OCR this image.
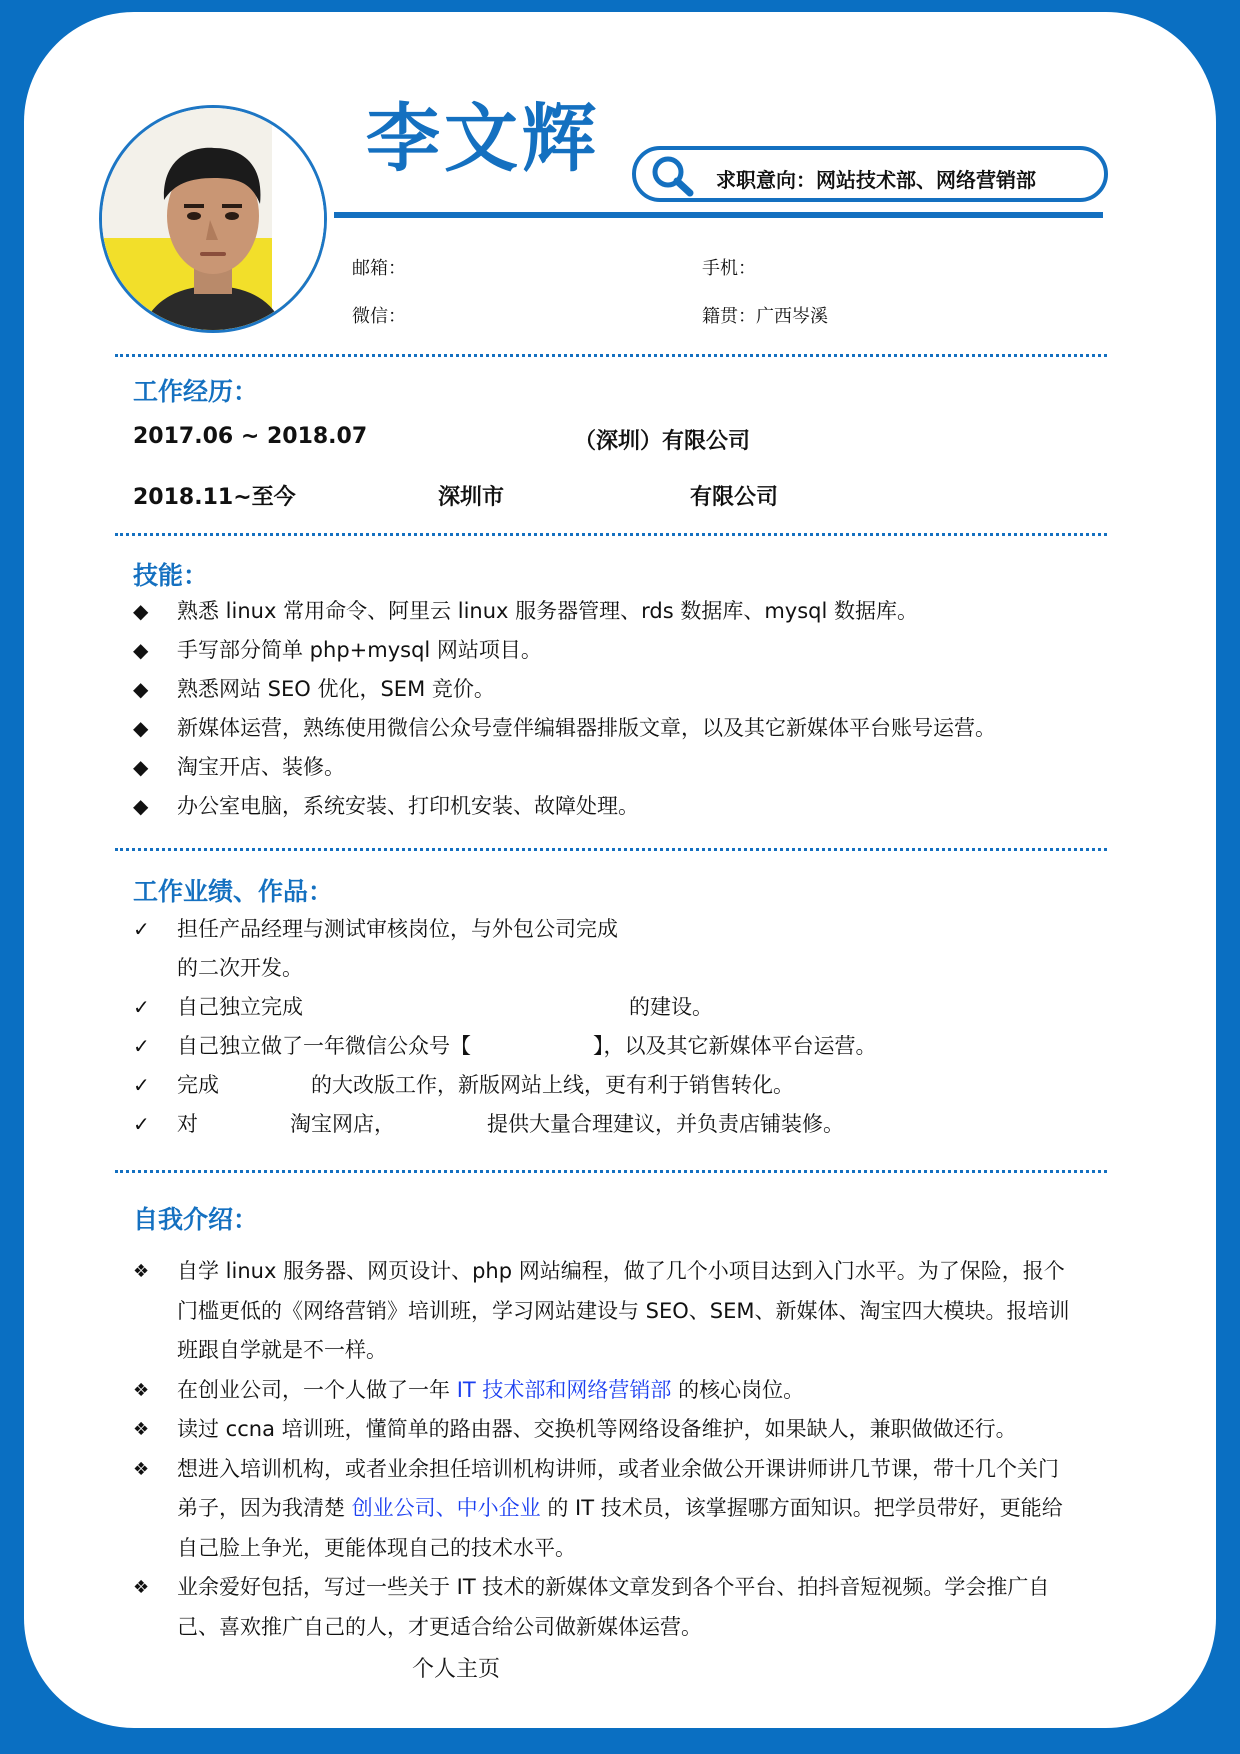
李文辉	求职意向：网站技术部、网络营销部
邮箱：	手机：
微信：	籍贯：广西岑溪
工作经历：
2017.06 ~ 2018.07	（深圳）有限公司
2018.11~至今	深圳市	有限公司
技能：
◆ 熟悉 linux 常用命令、阿里云 linux 服务器管理、rds 数据库、mysql 数据库。
◆ 手写部分简单 php+mysql 网站项目。
◆ 熟悉网站 SEO 优化，SEM 竞价。
◆ 新媒体运营，熟练使用微信公众号壹伴编辑器排版文章，以及其它新媒体平台账号运营。
◆ 淘宝开店、装修。
◆ 办公室电脑，系统安装、打印机安装、故障处理。
工作业绩、作品：
✓ 担任产品经理与测试审核岗位，与外包公司完成
的二次开发。
✓ 自己独立完成	的建设。
✓ 自己独立做了一年微信公众号【	】，以及其它新媒体平台运营。
✓ 完成	的大改版工作，新版网站上线，更有利于销售转化。
✓ 对	淘宝网店，	提供大量合理建议，并负责店铺装修。
自我介绍：
❖ 自学 linux 服务器、网页设计、php 网站编程，做了几个小项目达到入门水平。为了保险，报个门槛更低的《网络营销》培训班，学习网站建设与 SEO、SEM、新媒体、淘宝四大模块。报培训班跟自学就是不一样。
❖ 在创业公司，一个人做了一年 IT 技术部和网络营销部 的核心岗位。
❖ 读过 ccna 培训班，懂简单的路由器、交换机等网络设备维护，如果缺人，兼职做做还行。
❖ 想进入培训机构，或者业余担任培训机构讲师，或者业余做公开课讲师讲几节课，带十几个关门弟子，因为我清楚 创业公司、中小企业 的 IT 技术员，该掌握哪方面知识。把学员带好，更能给自己脸上争光，更能体现自己的技术水平。
❖ 业余爱好包括，写过一些关于 IT 技术的新媒体文章发到各个平台、拍抖音短视频。学会推广自己、喜欢推广自己的人，才更适合给公司做新媒体运营。
个人主页
